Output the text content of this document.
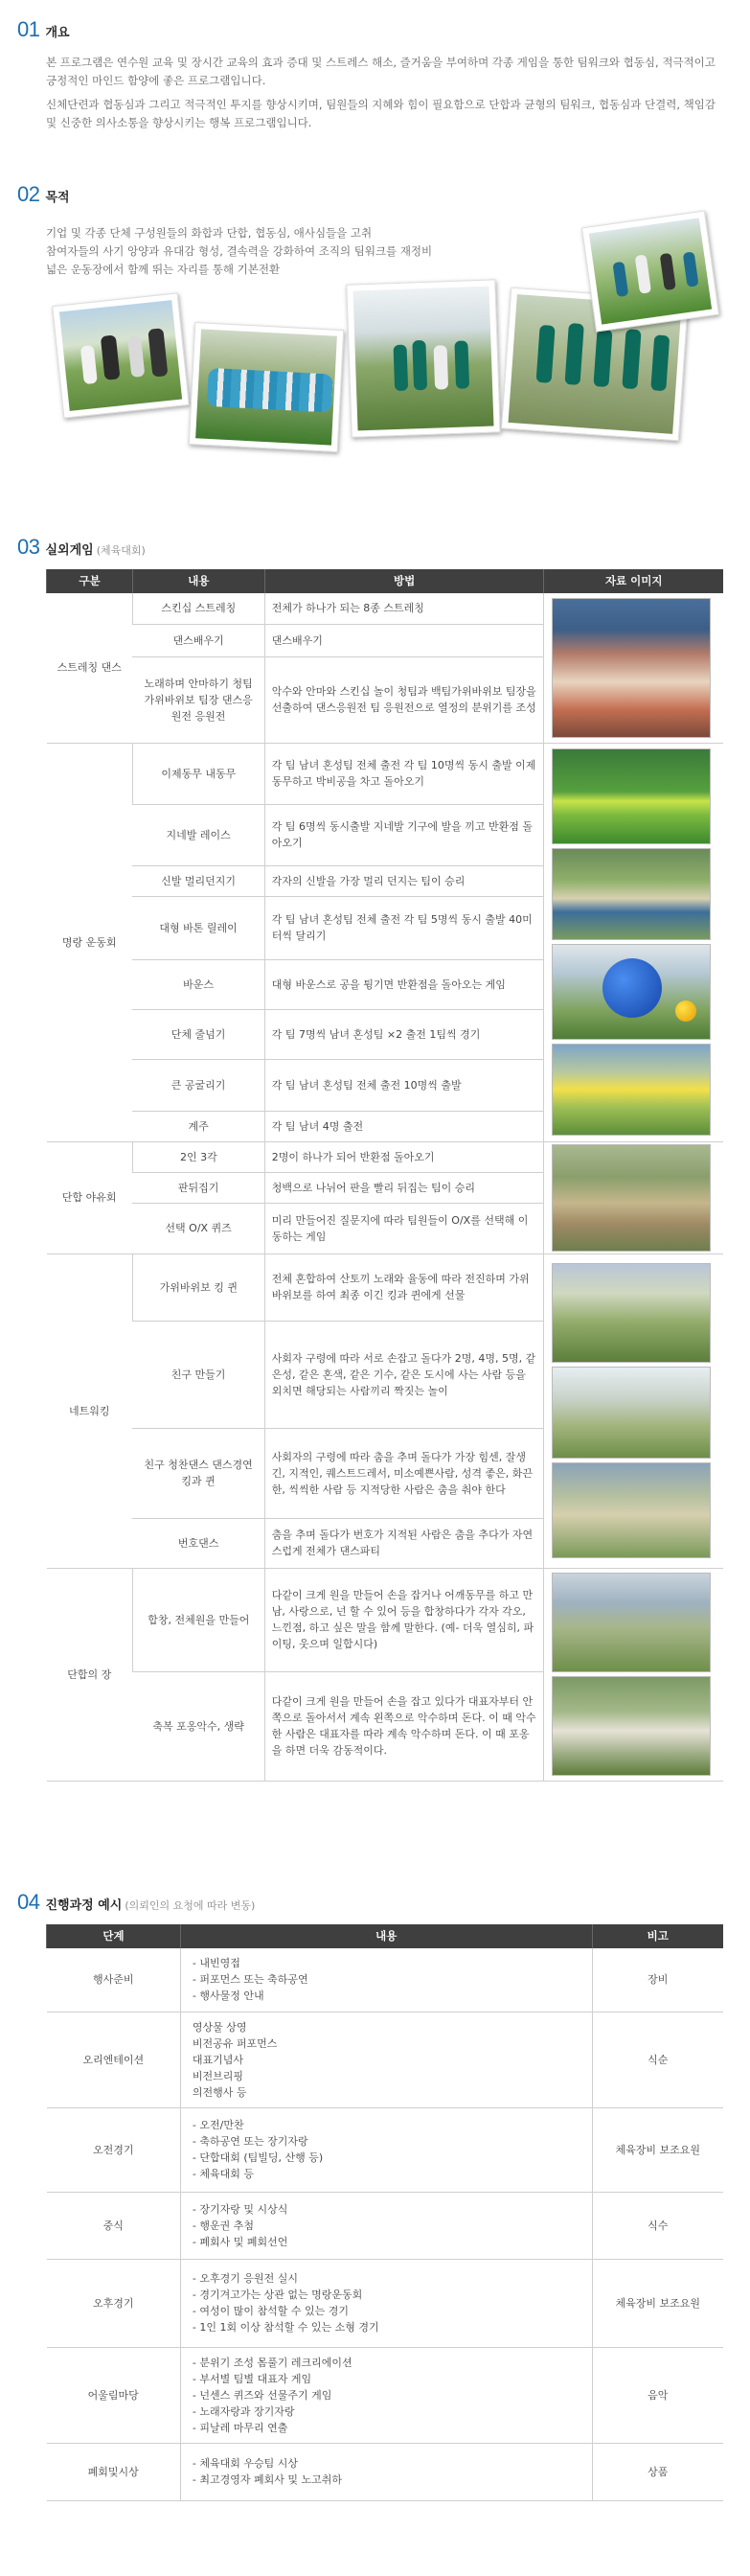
01 개요

본 프로그램은 연수원 교육 및 장시간 교육의 효과 증대 및 스트레스 해소, 즐거움을 부여하며 각종 게임을 통한 팀워크와 협동심, 적극적이고 긍정적인 마인드 함양에 좋은 프로그램입니다.

신체단련과 협동심과 그리고 적극적인 투지를 향상시키며, 팀원들의 지혜와 힘이 필요함으로 단합과 균형의 팀워크, 협동심과 단결력, 책임감 및 신중한 의사소통을 향상시키는 행복 프로그램입니다.

02 목적
기업 및 각종 단체 구성원들의 화합과 단합, 협동심, 애사심들을 고취
참여자들의 사기 앙양과 유대감 형성, 결속력을 강화하여 조직의 팀워크를 재정비
넓은 운동장에서 함께 뛰는 자리를 통해 기본전환
03 실외게임 (체육대회)
구분	내용	방법	자료 이미지
스트레칭 댄스	스킨십 스트레칭	전체가 하나가 되는 8종 스트레칭	

	댄스배우기	댄스배우기	
	노래하며 안마하기 청팀 가위바위보 팀장 댄스응원전 응원전	악수와 안마와 스킨십 놀이 청팀과 백팀가위바위보 팀장을 선출하여 댄스응원전 팀 응원전으로 열정의 분위기를 조성	
명랑 운동회	이제동무 내동무	각 팀 남녀 혼성팀 전체 출전 각 팀 10명씩 동시 출발 이제동무하고 박비공을 차고 돌아오기	

	지네발 레이스	각 팀 6명씩 동시출발 지네발 기구에 발을 끼고 반환점 돌아오기	
	신발 멀리던지기	각자의 신발을 가장 멀리 던지는 팀이 승리	
	대형 바톤 릴레이	각 팀 남녀 혼성팀 전체 출전 각 팀 5명씩 동시 출발 40미터씩 달리기	
	바운스	대형 바운스로 공을 튕기면 반환점을 돌아오는 게임	
	단체 줄넘기	각 팀 7명씩 남녀 혼성팀 ×2 출전 1팀씩 경기	
	큰 공굴리기	각 팀 남녀 혼성팀 전체 출전 10명씩 출발	
	계주	각 팀 남녀 4명 출전	
단합 야유회	2인 3각	2명이 하나가 되어 반환점 돌아오기	

	판뒤집기	청백으로 나뉘어 판을 빨리 뒤집는 팀이 승리	
	선택 O/X 퀴즈	미리 만들어진 질문지에 따라 팀원들이 O/X를 선택해 이동하는 게임	
네트워킹	가위바위보 킹 퀸	전체 혼합하여 산토끼 노래와 율동에 따라 전진하며 가위바위보를 하여 최종 이긴 킹과 퀸에게 선물	

	친구 만들기	사회자 구령에 따라 서로 손잡고 돌다가 2명, 4명, 5명, 같은성, 같은 혼색, 같은 기수, 같은 도시에 사는 사람 등을 외치면 해당되는 사람끼리 짝짓는 놀이	
	친구 청찬댄스 댄스경연 킹과 퀸	사회자의 구령에 따라 춤을 추며 돌다가 가장 힘센, 잘생긴, 지적인, 퀘스트드레서, 미소예쁜사람, 성격 좋은, 화끈한, 씩씩한 사람 등 지적당한 사람은 춤을 춰야 한다	
	번호댄스	춤을 추며 돌다가 번호가 지적된 사람은 춤을 추다가 자연스럽게 전체가 댄스파티	
단합의 장	합창, 전체원을 만들어	다같이 크게 원을 만들어 손을 잡거나 어깨동무를 하고 만남, 사랑으로, 넌 할 수 있어 등을 합창하다가 각자 각오, 느낀점, 하고 싶은 말을 함께 말한다. (예- 더욱 열심히, 파이팅, 웃으며 일합시다)	

	축복 포옹악수, 생략	다같이 크게 원을 만들어 손을 잡고 있다가 대표자부터 안쪽으로 돌아서서 계속 왼쪽으로 악수하며 돈다. 이 때 악수한 사람은 대표자를 따라 계속 악수하며 돈다. 이 때 포옹을 하면 더욱 감동적이다.	
04 진행과정 예시 (의뢰인의 요청에 따라 변동)
단계	내용	비고
행사준비	- 내빈영접
- 퍼포먼스 또는 축하공연
- 행사물정 안내	장비
오리엔테이션	영상물 상영
비전공유 퍼포먼스
대표기념사
비전브리핑
의전행사 등	식순
오전경기	- 오전/만찬
- 축하공연 또는 장기자랑
- 단합대회 (팀빌딩, 산행 등)
- 체육대회 등	체육장비 보조요원
중식	- 장기자랑 및 시상식
- 행운권 추첨
- 폐회사 및 폐회선언	식수
오후경기	- 오후경기 응원전 실시
- 경기겨고가는 상관 없는 명랑운동회
- 여성이 많이 참석할 수 있는 경기
- 1인 1회 이상 참석할 수 있는 소형 경기	체육장비 보조요원
어울림마당	- 분위기 조성 몸풀기 레크리에이션
- 부서별 팀별 대표자 게임
- 넌센스 퀴즈와 선물주기 게임
- 노래자랑과 장기자랑
- 피날레 마무리 연출	음악
폐회및시상	- 체육대회 우승팀 시상
- 최고경영자 폐회사 및 노고취하	상품
